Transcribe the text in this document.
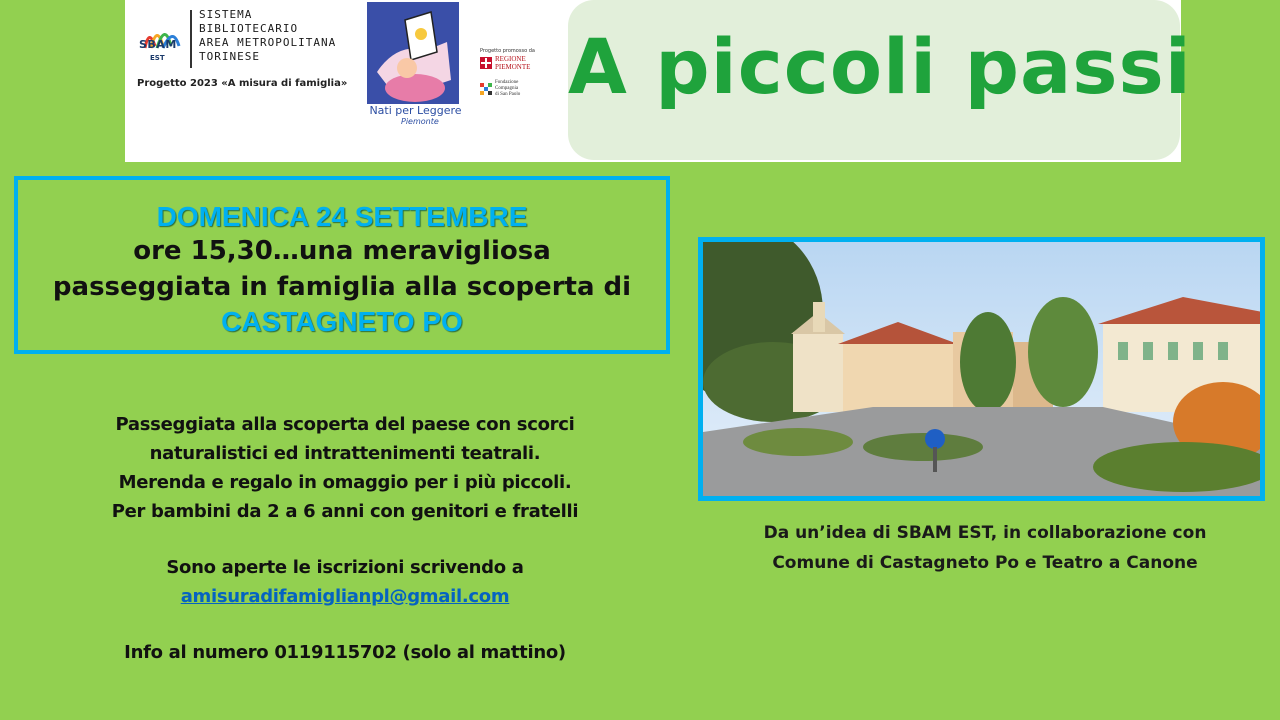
SBAM
EST
SISTEMA
BIBLIOTECARIO
AREA METROPOLITANA
TORINESE
Progetto 2023 «A misura di famiglia»
Nati per Leggere
Piemonte
Progetto promosso da
REGIONE
PIEMONTE
Fondazione
Compagnia
di San Paolo A piccoli passi
DOMENICA 24 SETTEMBRE
ore 15,30…una meravigliosa
passeggiata in famiglia alla scoperta di
CASTAGNETO PO
Passeggiata alla scoperta del paese con scorci
naturalistici ed intrattenimenti teatrali.
Merenda e regalo in omaggio per i più piccoli.
Per bambini da 2 a 6 anni con genitori e fratelli
Sono aperte le iscrizioni scrivendo a
amisuradifamiglianpl@gmail.com
Info al numero 0119115702 (solo al mattino)
Da un’idea di SBAM EST, in collaborazione con
Comune di Castagneto Po e Teatro a Canone
